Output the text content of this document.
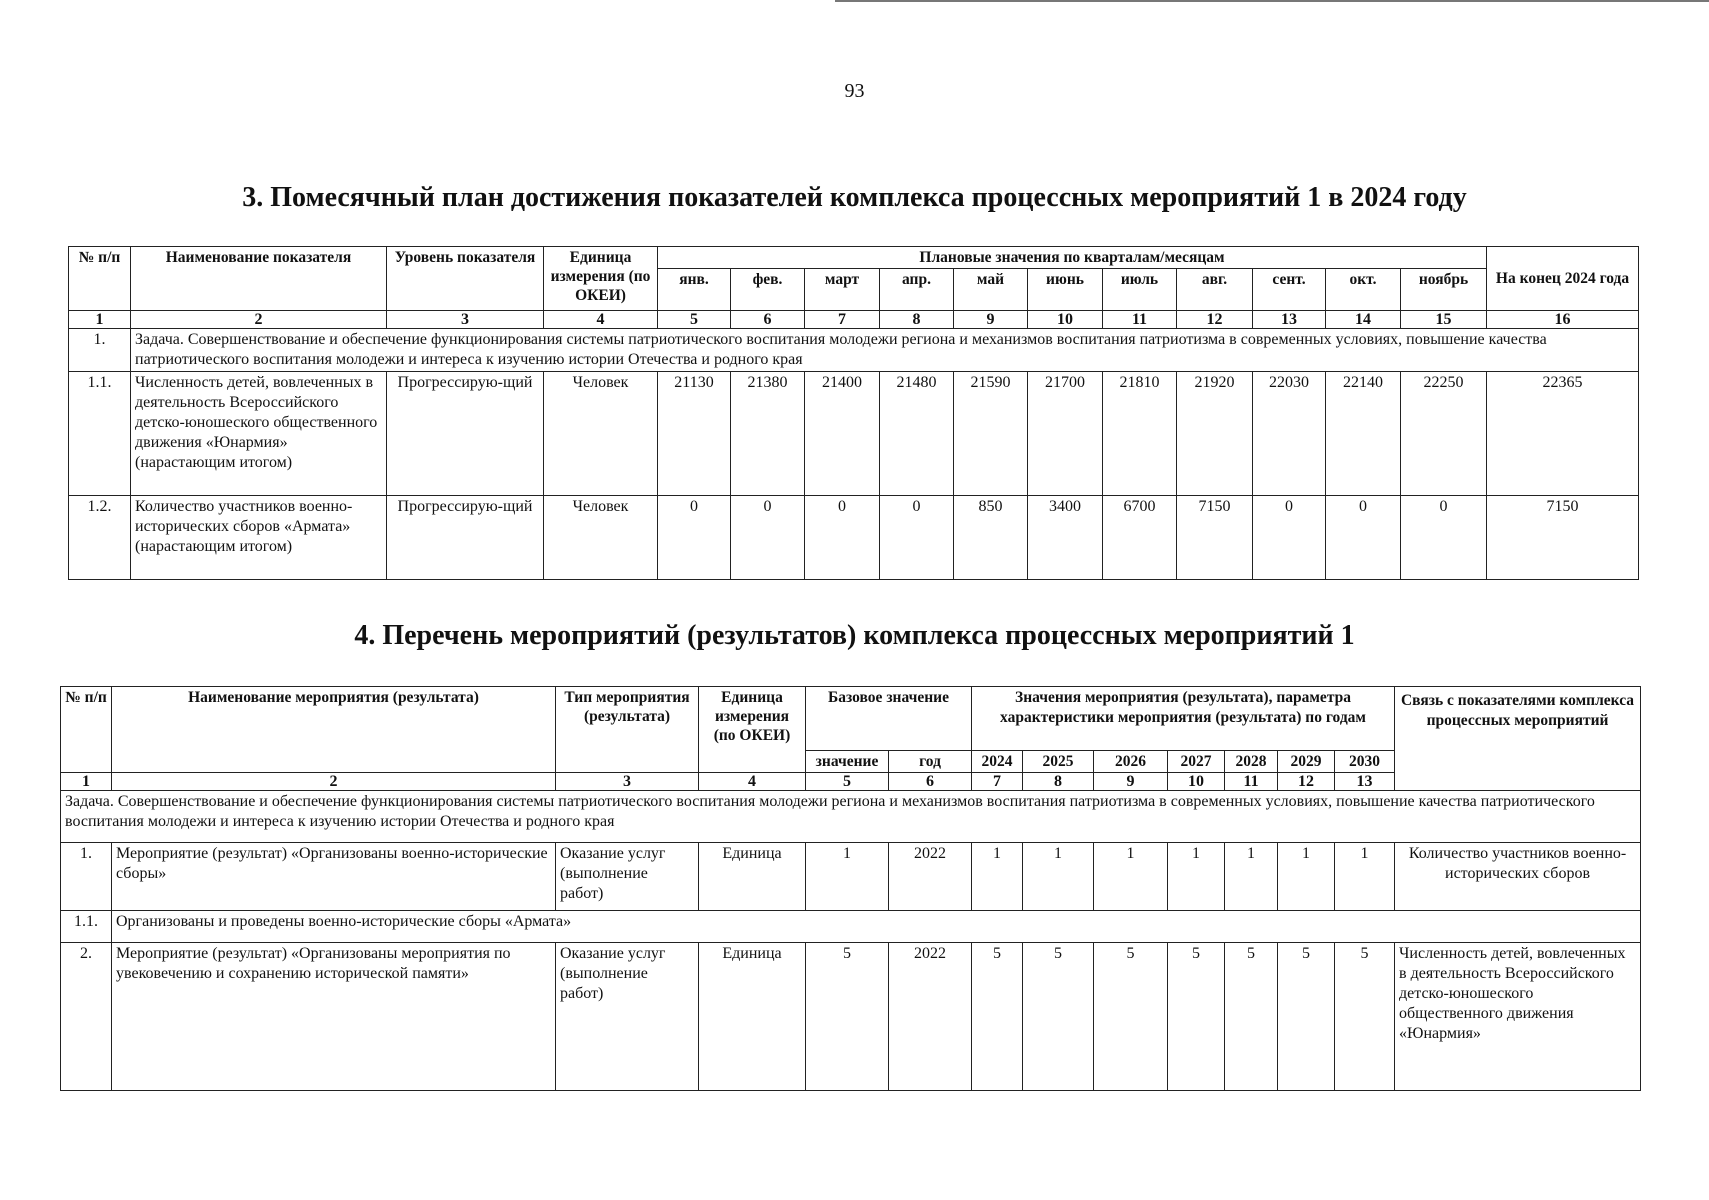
93
3. Помесячный план достижения показателей комплекса процессных мероприятий 1 в 2024 году
№ п/п	Наименование показателя	Уровень показателя	Единица измерения (по ОКЕИ)	Плановые значения по кварталам/месяцам											На конец 2024 года
				янв.	фев.	март	апр.	май	июнь	июль	авг.	сент.	окт.	ноябрь	
1	2	3	4	5	6	7	8	9	10	11	12	13	14	15	16
1.	Задача. Совершенствование и обеспечение функционирования системы патриотического воспитания молодежи региона и механизмов воспитания патриотизма в современных условиях, повышение качества патриотического воспитания молодежи и интереса к изучению истории Отечества и родного края														
1.1.	Численность детей, вовлеченных в деятельность Всероссийского детско-юношеского общественного движения «Юнармия» (нарастающим итогом)	Прогрессирую-щий	Человек	21130	21380	21400	21480	21590	21700	21810	21920	22030	22140	22250	22365
1.2.	Количество участников военно-исторических сборов «Армата» (нарастающим итогом)	Прогрессирую-щий	Человек	0	0	0	0	850	3400	6700	7150	0	0	0	7150
4. Перечень мероприятий (результатов) комплекса процессных мероприятий 1
№ п/п	Наименование мероприятия (результата)	Тип мероприятия (результата)	Единица измерения (по ОКЕИ)	Базовое значение		Значения мероприятия (результата), параметра характеристики мероприятия (результата) по годам							Связь с показателями комплекса процессных мероприятий
				значение	год	2024	2025	2026	2027	2028	2029	2030	
1	2	3	4	5	6	7	8	9	10	11	12	13	
Задача. Совершенствование и обеспечение функционирования системы патриотического воспитания молодежи региона и механизмов воспитания патриотизма в современных условиях, повышение качества патриотического воспитания молодежи и интереса к изучению истории Отечества и родного края													
1.	Мероприятие (результат) «Организованы военно-исторические сборы»	Оказание услуг (выполнение работ)	Единица	1	2022	1	1	1	1	1	1	1	Количество участников военно-исторических сборов
1.1.	Организованы и проведены военно-исторические сборы «Армата»												
2.	Мероприятие (результат) «Организованы мероприятия по увековечению и сохранению исторической памяти»	Оказание услуг (выполнение работ)	Единица	5	2022	5	5	5	5	5	5	5	Численность детей, вовлеченных в деятельность Всероссийского детско-юношеского общественного движения «Юнармия»
